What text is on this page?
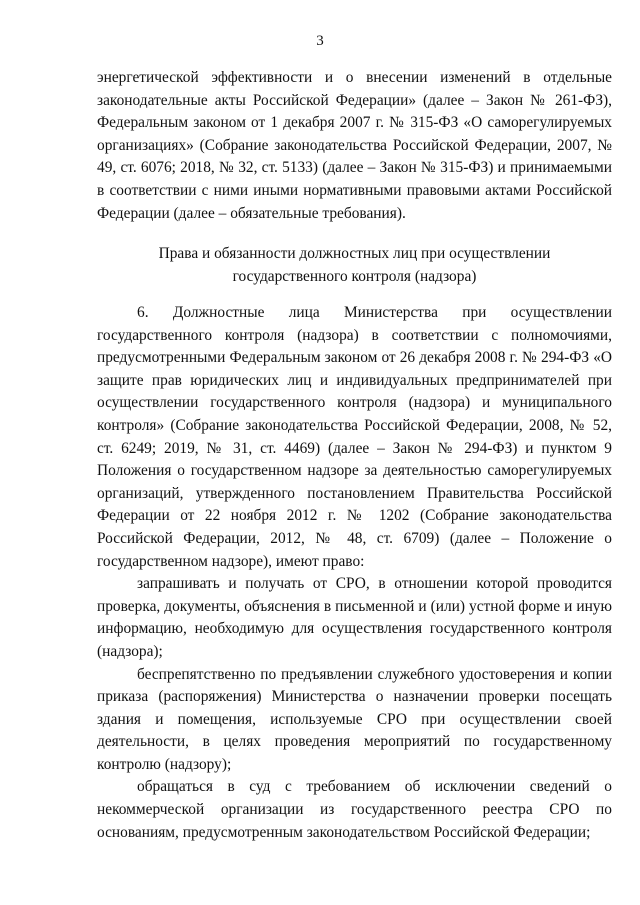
3

энергетической эффективности и о внесении изменений в отдельные законодательные акты Российской Федерации» (далее – Закон № 261-ФЗ), Федеральным законом от 1 декабря 2007 г. № 315-ФЗ «О саморегулируемых организациях» (Собрание законодательства Российской Федерации, 2007, № 49, ст. 6076; 2018, № 32, ст. 5133) (далее – Закон № 315-ФЗ) и принимаемыми в соответствии с ними иными нормативными правовыми актами Российской Федерации (далее – обязательные требования).

Права и обязанности должностных лиц при осуществлении
государственного контроля (надзора)

6. Должностные лица Министерства при осуществлении государственного контроля (надзора) в соответствии с полномочиями, предусмотренными Федеральным законом от 26 декабря 2008 г. № 294-ФЗ «О защите прав юридических лиц и индивидуальных предпринимателей при осуществлении государственного контроля (надзора) и муниципального контроля» (Собрание законодательства Российской Федерации, 2008, № 52, ст. 6249; 2019, № 31, ст. 4469) (далее – Закон № 294-ФЗ) и пунктом 9 Положения о государственном надзоре за деятельностью саморегулируемых организаций, утвержденного постановлением Правительства Российской Федерации от 22 ноября 2012 г. № 1202 (Собрание законодательства Российской Федерации, 2012, № 48, ст. 6709) (далее – Положение о государственном надзоре), имеют право:

запрашивать и получать от СРО, в отношении которой проводится проверка, документы, объяснения в письменной и (или) устной форме и иную информацию, необходимую для осуществления государственного контроля (надзора);

беспрепятственно по предъявлении служебного удостоверения и копии приказа (распоряжения) Министерства о назначении проверки посещать здания и помещения, используемые СРО при осуществлении своей деятельности, в целях проведения мероприятий по государственному контролю (надзору);

обращаться в суд с требованием об исключении сведений о некоммерческой организации из государственного реестра СРО по основаниям, предусмотренным законодательством Российской Федерации;
